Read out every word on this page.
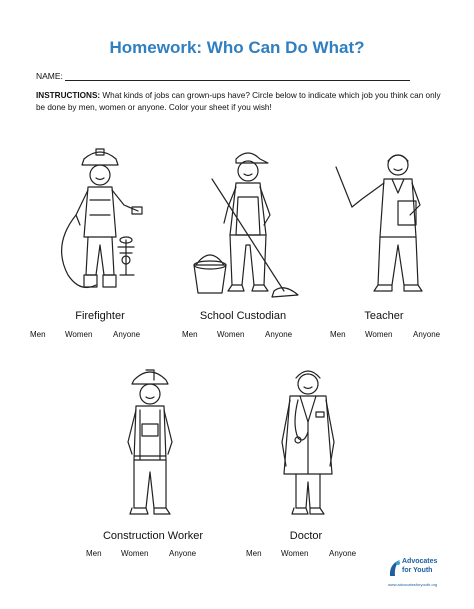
Homework: Who Can Do What?
NAME:
INSTRUCTIONS: What kinds of jobs can grown-ups have? Circle below to indicate which job you think can only be done by men, women or anyone. Color your sheet if you wish!
Firefighter	School Custodian	Teacher
Men	Women	Anyone	Men	Women	Anyone	Men	Women	Anyone
Construction Worker	Doctor
Men	Women	Anyone	Men	Women	Anyone
Advocates
for Youth
www.advocatesforyouth.org
